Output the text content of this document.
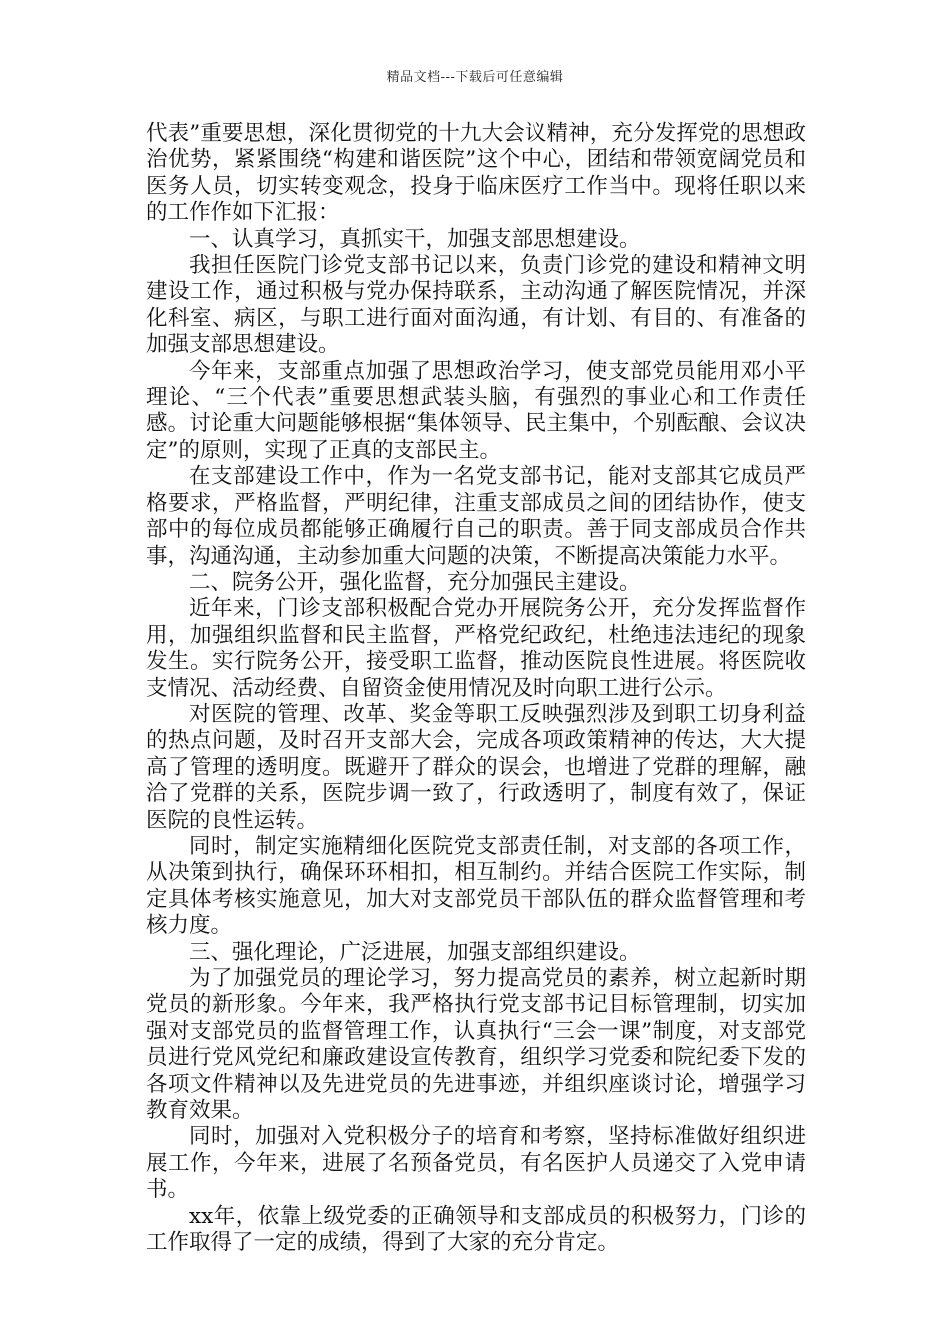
精品文档---下载后可任意编辑

代表”重要思想，深化贯彻党的十九大会议精神，充分发挥党的思想政治优势，紧紧围绕“构建和谐医院”这个中心，团结和带领宽阔党员和医务人员，切实转变观念，投身于临床医疗工作当中。现将任职以来的工作作如下汇报：

一、认真学习，真抓实干，加强支部思想建设。

我担任医院门诊党支部书记以来，负责门诊党的建设和精神文明建设工作，通过积极与党办保持联系，主动沟通了解医院情况，并深化科室、病区，与职工进行面对面沟通，有计划、有目的、有准备的加强支部思想建设。

今年来，支部重点加强了思想政治学习，使支部党员能用邓小平理论、“三个代表”重要思想武装头脑，有强烈的事业心和工作责任感。讨论重大问题能够根据“集体领导、民主集中，个别酝酿、会议决定”的原则，实现了正真的支部民主。

在支部建设工作中，作为一名党支部书记，能对支部其它成员严格要求，严格监督，严明纪律，注重支部成员之间的团结协作，使支部中的每位成员都能够正确履行自己的职责。善于同支部成员合作共事，沟通沟通，主动参加重大问题的决策，不断提高决策能力水平。

二、院务公开，强化监督，充分加强民主建设。

近年来，门诊支部积极配合党办开展院务公开，充分发挥监督作用，加强组织监督和民主监督，严格党纪政纪，杜绝违法违纪的现象发生。实行院务公开，接受职工监督，推动医院良性进展。将医院收支情况、活动经费、自留资金使用情况及时向职工进行公示。

对医院的管理、改革、奖金等职工反映强烈涉及到职工切身利益的热点问题，及时召开支部大会，完成各项政策精神的传达，大大提高了管理的透明度。既避开了群众的误会，也增进了党群的理解，融洽了党群的关系，医院步调一致了，行政透明了，制度有效了，保证医院的良性运转。

同时，制定实施精细化医院党支部责任制，对支部的各项工作，从决策到执行，确保环环相扣，相互制约。并结合医院工作实际，制定具体考核实施意见，加大对支部党员干部队伍的群众监督管理和考核力度。

三、强化理论，广泛进展，加强支部组织建设。

为了加强党员的理论学习，努力提高党员的素养，树立起新时期党员的新形象。今年来，我严格执行党支部书记目标管理制，切实加强对支部党员的监督管理工作，认真执行“三会一课”制度，对支部党员进行党风党纪和廉政建设宣传教育，组织学习党委和院纪委下发的各项文件精神以及先进党员的先进事迹，并组织座谈讨论，增强学习教育效果。

同时，加强对入党积极分子的培育和考察，坚持标准做好组织进展工作，今年来，进展了名预备党员，有名医护人员递交了入党申请书。

xx年，依靠上级党委的正确领导和支部成员的积极努力，门诊的工作取得了一定的成绩，得到了大家的充分肯定。
